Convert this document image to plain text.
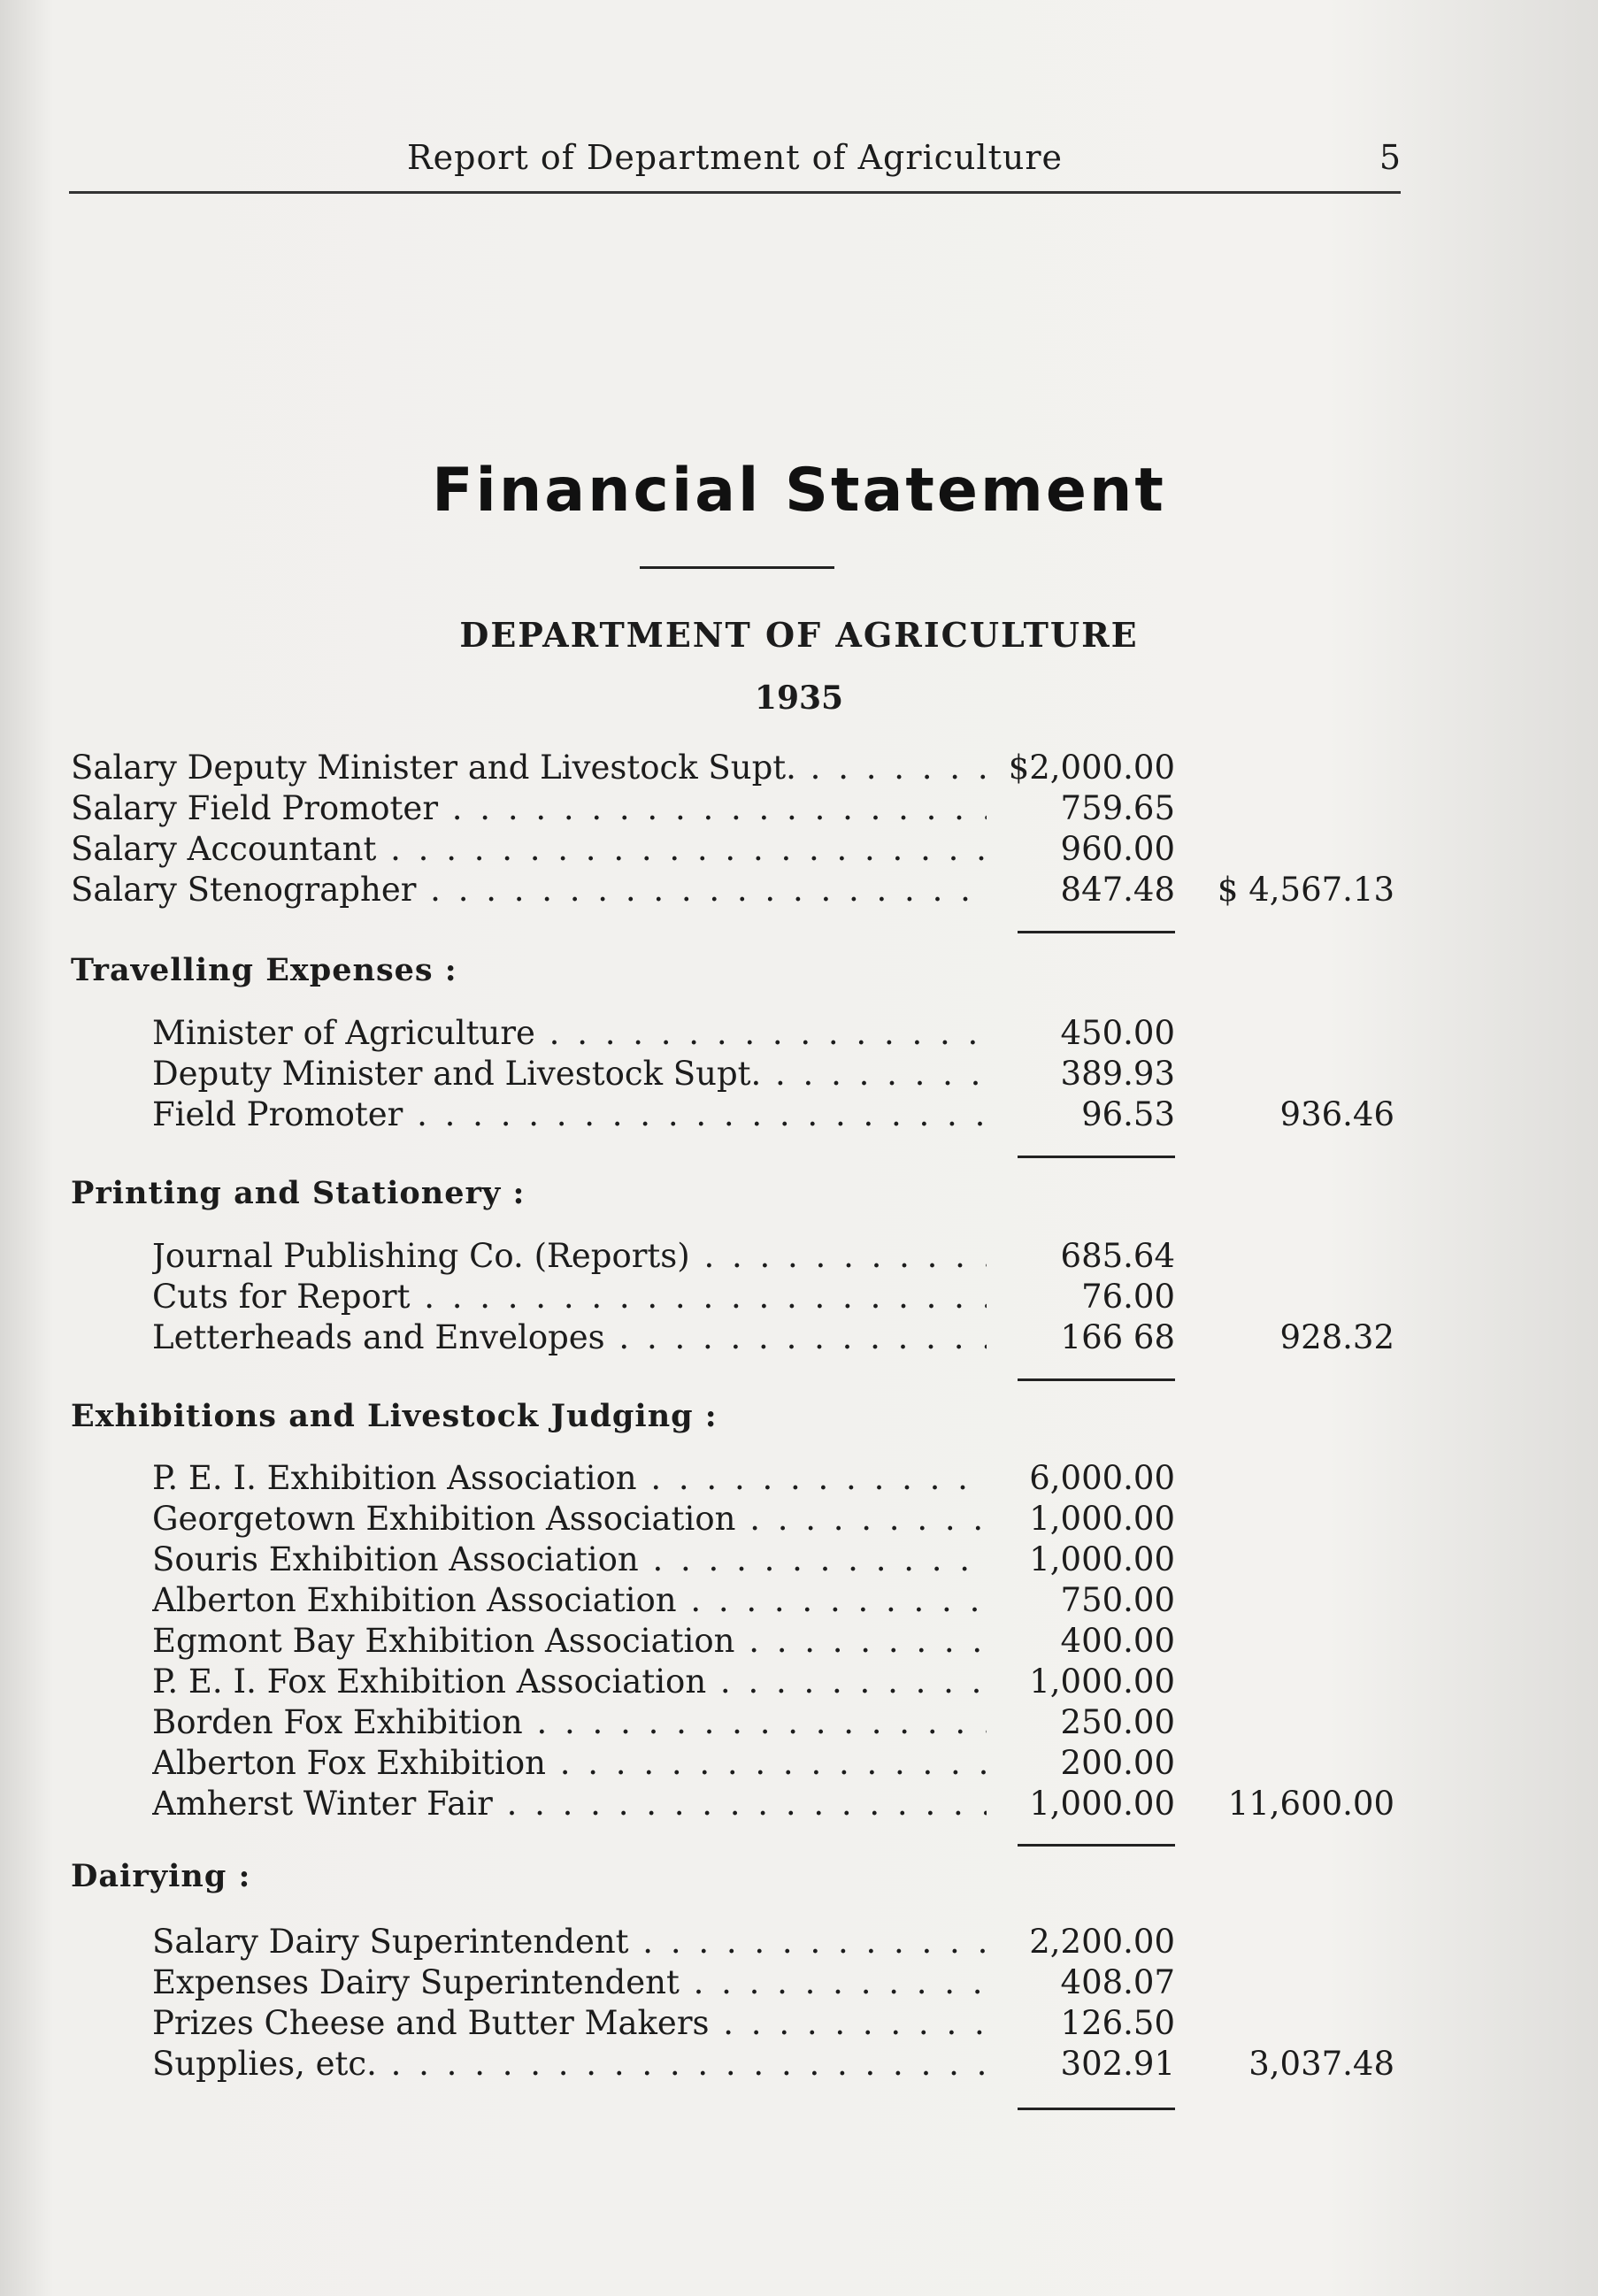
Report of Department of Agriculture	5
Financial Statement
DEPARTMENT OF AGRICULTURE
1935
Salary Deputy Minister and Livestock Supt. . . .	$2,000.00
Salary Field Promoter . . .	759.65
Salary Accountant . . .	960.00
Salary Stenographer . . .	847.48	$ 4,567.13
Travelling Expenses :
Minister of Agriculture . . .	450.00
Deputy Minister and Livestock Supt. . . .	389.93
Field Promoter . . .	96.53	936.46
Printing and Stationery :
Journal Publishing Co. (Reports) . . .	685.64
Cuts for Report . . .	76.00
Letterheads and Envelopes . . .	166 68	928.32
Exhibitions and Livestock Judging :
P. E. I. Exhibition Association . . .	6,000.00
Georgetown Exhibition Association . . .	1,000.00
Souris Exhibition Association . . .	1,000.00
Alberton Exhibition Association . . .	750.00
Egmont Bay Exhibition Association . . .	400.00
P. E. I. Fox Exhibition Association . . .	1,000.00
Borden Fox Exhibition . . .	250.00
Alberton Fox Exhibition . . .	200.00
Amherst Winter Fair . . .	1,000.00	11,600.00
Dairying :
Salary Dairy Superintendent . . .	2,200.00
Expenses Dairy Superintendent . . .	408.07
Prizes Cheese and Butter Makers . . .	126.50
Supplies, etc. . . .	302.91	3,037.48
